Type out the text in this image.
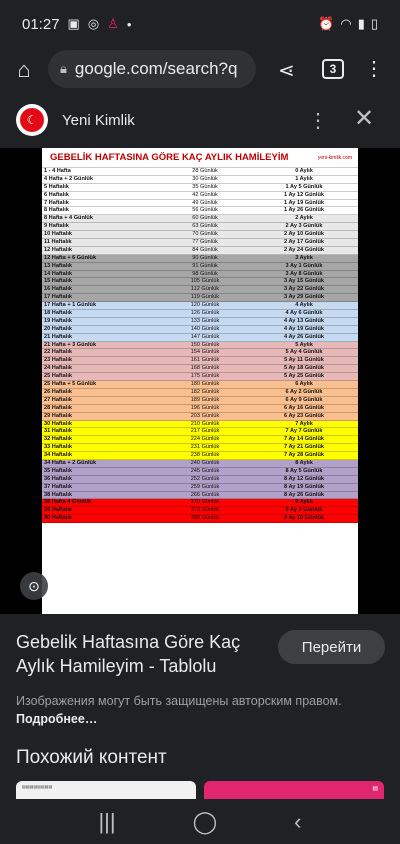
01:27 ▣ ◎ ♙ •	⏰ ◠ ▮ ▯
⌂	🔒︎ google.com/search?q ⋖	3 ⋮
☾	Yeni Kimlik	⋮ ✕
GEBELİK HAFTASINA GÖRE KAÇ AYLIK HAMİLEYİM	yeni-kimlik.com
1 - 4 Hafta	28 Günlük	0 Aylık
4 Hafta + 2 Günlük	30 Günlük	1 Aylık
5 Haftalık	35 Günlük	1 Ay 5 Günlük
6 Haftalık	42 Günlük	1 Ay 12 Günlük
7 Haftalık	49 Günlük	1 Ay 19 Günlük
8 Haftalık	56 Günlük	1 Ay 26 Günlük
8 Hafta + 4 Günlük	60 Günlük	2 Aylık
9 Haftalık	63 Günlük	2 Ay 3 Günlük
10 Haftalık	70 Günlük	2 Ay 10 Günlük
11 Haftalık	77 Günlük	2 Ay 17 Günlük
12 Haftalık	84 Günlük	2 Ay 24 Günlük
12 Hafta + 6 Günlük	90 Günlük	3 Aylık
13 Haftalık	91 Günlük	3 Ay 1 Günlük
14 Haftalık	98 Günlük	3 Ay 8 Günlük
15 Haftalık	105 Günlük	3 Ay 15 Günlük
16 Haftalık	112 Günlük	3 Ay 22 Günlük
17 Haftalık	119 Günlük	3 Ay 29 Günlük
17 Hafta + 1 Günlük	120 Günlük	4 Aylık
18 Haftalık	126 Günlük	4 Ay 6 Günlük
19 Haftalık	133 Günlük	4 Ay 13 Günlük
20 Haftalık	140 Günlük	4 Ay 19 Günlük
21 Haftalık	147 Günlük	4 Ay 26 Günlük
21 Hafta + 3 Günlük	150 Günlük	5 Aylık
22 Haftalık	154 Günlük	5 Ay 4 Günlük
23 Haftalık	161 Günlük	5 Ay 11 Günlük
24 Haftalık	168 Günlük	5 Ay 18 Günlük
25 Haftalık	175 Günlük	5 Ay 25 Günlük
25 Hafta + 5 Günlük	180 Günlük	6 Aylık
26 Haftalık	182 Günlük	6 Ay 2 Günlük
27 Haftalık	189 Günlük	6 Ay 9 Günlük
28 Haftalık	196 Günlük	6 Ay 16 Günlük
29 Haftalık	203 Günlük	6 Ay 23 Günlük
30 Haftalık	210 Günlük	7 Aylık
31 Haftalık	217 Günlük	7 Ay 7 Günlük
32 Haftalık	224 Günlük	7 Ay 14 Günlük
33 Haftalık	231 Günlük	7 Ay 21 Günlük
34 Haftalık	238 Günlük	7 Ay 28 Günlük
34 Hafta + 2 Günlük	240 Günlük	8 Aylık
35 Haftalık	245 Günlük	8 Ay 5 Günlük
36 Haftalık	252 Günlük	8 Ay 12 Günlük
37 Haftalık	259 Günlük	8 Ay 19 Günlük
38 Haftalık	266 Günlük	8 Ay 26 Günlük
38 Hafta 4 Günlük	270 Günlük	9 Aylık
39 Haftalık	273 Günlük	9 Ay 3 Günlük
40 Haftalık	280 Günlük	9 Ay 10 Günlük
⊙
Gebelik Haftasına Göre Kaç Aylık Hamileyim - Tablolu
Перейти
Изображения могут быть защищены авторским правом. Подробнее…
Похожий контент
▤▤▤▤▤▤▤▤	▤
|||	◯	‹
